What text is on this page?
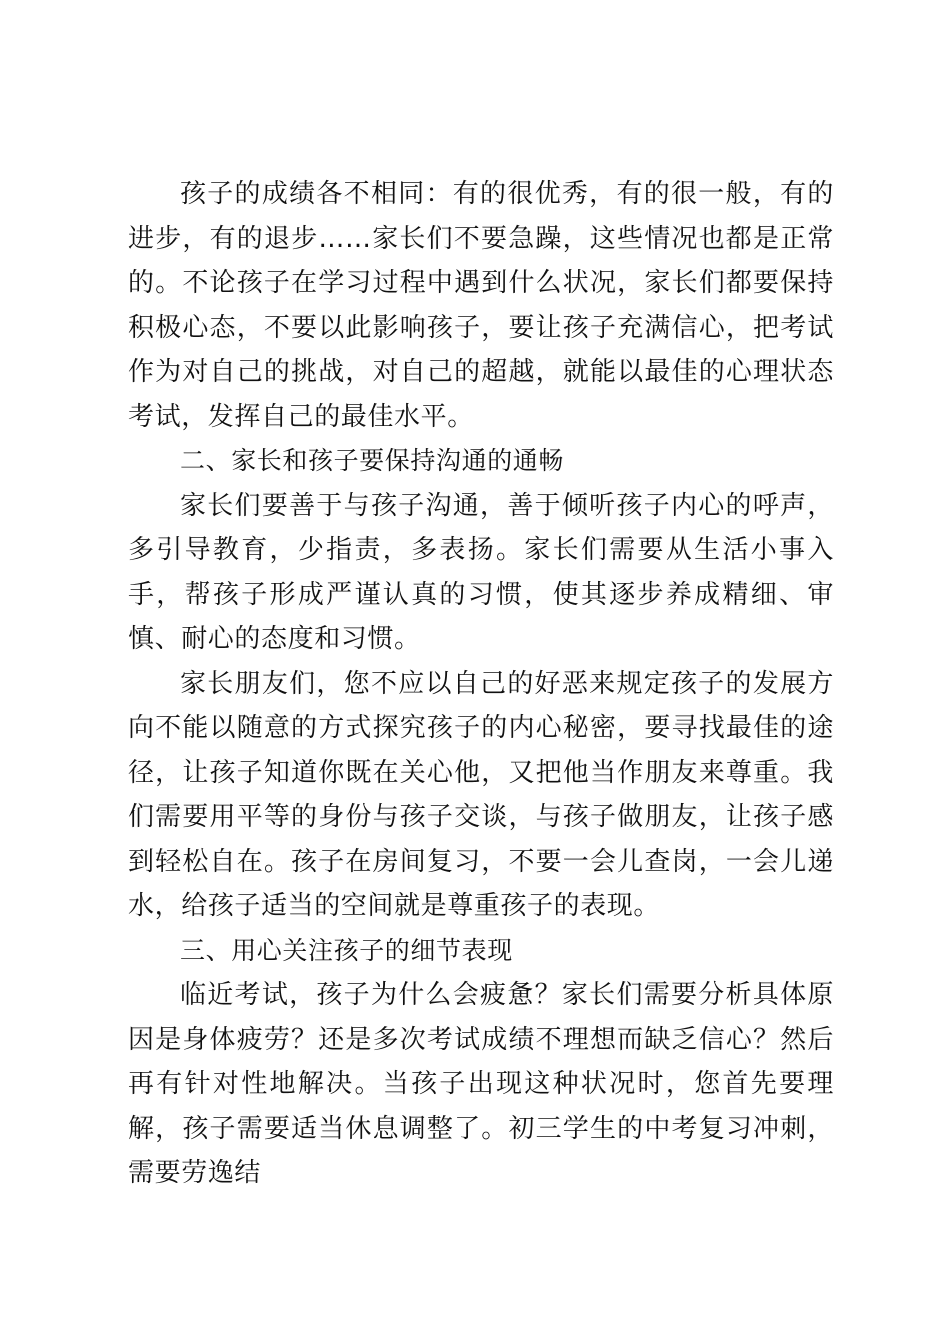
孩子的成绩各不相同：有的很优秀，有的很一般，有的进步，有的退步……家长们不要急躁，这些情况也都是正常的。不论孩子在学习过程中遇到什么状况，家长们都要保持积极心态，不要以此影响孩子，要让孩子充满信心，把考试作为对自己的挑战，对自己的超越，就能以最佳的心理状态考试，发挥自己的最佳水平。

二、家长和孩子要保持沟通的通畅

家长们要善于与孩子沟通，善于倾听孩子内心的呼声，多引导教育，少指责，多表扬。家长们需要从生活小事入手，帮孩子形成严谨认真的习惯，使其逐步养成精细、审慎、耐心的态度和习惯。

家长朋友们，您不应以自己的好恶来规定孩子的发展方向不能以随意的方式探究孩子的内心秘密，要寻找最佳的途径，让孩子知道你既在关心他，又把他当作朋友来尊重。我们需要用平等的身份与孩子交谈，与孩子做朋友，让孩子感到轻松自在。孩子在房间复习，不要一会儿查岗，一会儿递水，给孩子适当的空间就是尊重孩子的表现。

三、用心关注孩子的细节表现

临近考试，孩子为什么会疲惫？家长们需要分析具体原因是身体疲劳？还是多次考试成绩不理想而缺乏信心？然后再有针对性地解决。当孩子出现这种状况时，您首先要理解，孩子需要适当休息调整了。初三学生的中考复习冲刺，需要劳逸结
